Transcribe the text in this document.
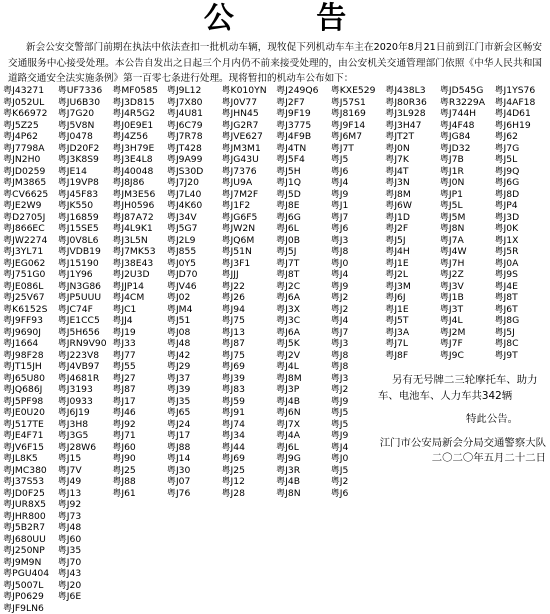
公 告
新会公安交警部门前期在执法中依法查扣一批机动车辆，现牧促下列机动车车主在2020年8月21日前到江门市新会区畅安交通服务中心接受处理。本公告自发出之日起三个月内仍不前来接受处理的，由公安机关交通管理部门依照《中华人民共和国道路交通安全法实施条例》第一百零七条进行处理。现将暂扣的机动车公布如下：
粤J43271
粤J052UL
粤K66972
粤J5Z25
粤J4P62
粤J7798A
粤JN2H0
粤JD0259
粤JM3865
粤CV6625
粤JE2W9
粤D2705J
粤J866EC
粤JW2274
粤J3YL71
粤JEG062
粤J751G0
粤JE086L
粤J25V67
粤K6152S
粤J9FF93
粤J9690J
粤J1664
粤J98F28
粤JT15JH
粤J65U80
粤JQ686J
粤J5PF98
粤JE0U20
粤J517TE
粤JE4F71
粤JV6F15
粤JL8K5
粤JMC380
粤J37S53
粤JD0F25
粤JUR8X5
粤JHR800
粤J5B2R7
粤J680UU
粤J250NP
粤J9M9N
粤PGU404
粤J5007L
粤JP0629
粤JF9LN6
粤UF7336
粤JU6B30
粤J7G20
粤J5V8N
粤J0478
粤JD20F2
粤J3K8S9
粤JE14
粤J19VP8
粤J45F83
粤JK550
粤J16859
粤J15SE5
粤J0V8L6
粤JVDB19
粤J15190
粤J1Y96
粤JN3G86
粤JP5UUU
粤JC74F
粤JE1CC5
粤J5H656
粤JRN9V90
粤J223V8
粤J4VB97
粤J4681R
粤J3193
粤J0933
粤J6J19
粤J3H8
粤J3G5
粤J28W6
粤J15
粤J7V
粤J49
粤J13
粤J92
粤J73
粤J48
粤J60
粤J35
粤J70
粤J43
粤J20
粤J6E
粤MF0585
粤J3D815
粤J4R5G2
粤J0E9E1
粤J4Z56
粤J3H79E
粤J3E4L8
粤J40048
粤J8J86
粤JM3E56
粤JH0596
粤J87A72
粤J4L9K1
粤J3L5N
粤J7MK53
粤J38E43
粤J2U3D
粤JJP14
粤J4CM
粤JC1
粤JJ4
粤J19
粤J33
粤J77
粤J55
粤J27
粤J87
粤J17
粤J46
粤J92
粤J71
粤J60
粤J90
粤J25
粤J88
粤J61
粤J9L12
粤J7X80
粤J4U81
粤J6C79
粤J7R78
粤JT428
粤J9A99
粤JS30D
粤J7J20
粤J7L40
粤J4K60
粤J34V
粤J5G7
粤J2L9
粤J855
粤J0Y5
粤JD70
粤JV46
粤J02
粤JM4
粤J51
粤J08
粤J48
粤J42
粤J29
粤J37
粤J39
粤J35
粤J65
粤J24
粤J17
粤J88
粤J14
粤J30
粤J07
粤J76
粤K010YN
粤J0V77
粤JHN45
粤JG2R7
粤JVE627
粤JM3M1
粤JG43U
粤J7376
粤JU9A
粤J7M2F
粤J1F2
粤JG6F5
粤JW2N
粤JQ6M
粤J51N
粤J3F1
粤JJJ
粤J22
粤J26
粤J94
粤J75
粤J13
粤J87
粤J75
粤J69
粤J39
粤J83
粤J59
粤J91
粤J74
粤J34
粤J44
粤J69
粤J25
粤J12
粤J28
粤J249Q6
粤J2F7
粤J9F19
粤J3775
粤J4F9B
粤J4TN
粤J5F4
粤J5H
粤J1Q
粤J5D
粤J8E
粤J6G
粤J6L
粤J0B
粤J5J
粤J7T
粤J8T
粤J2C
粤J6A
粤J3X
粤J3C
粤J6A
粤J5K
粤J2V
粤J4L
粤J8M
粤J3P
粤J4B
粤J6N
粤J7X
粤J4A
粤J6L
粤J9G
粤J3R
粤J4B
粤J8N
粤KXE529
粤J57S1
粤J8169
粤J9F14
粤J6M7
粤J7T
粤J5
粤J6
粤J4
粤J9
粤J1
粤J7
粤J6
粤J3
粤J8
粤J0
粤J4
粤J9
粤J2
粤J2
粤J4
粤J7
粤J3
粤J8
粤J8
粤J3
粤J2
粤J9
粤J5
粤J5
粤J9
粤J4
粤J0
粤J5
粤J2
粤J6
粤J438L3
粤J80R36
粤J3L928
粤J3H47
粤JT2T
粤J0N
粤J7K
粤J4T
粤J3N
粤J8M
粤J6W
粤J1D
粤J2F
粤J5J
粤J4H
粤J1E
粤J2L
粤J3M
粤J6J
粤J1E
粤J5T
粤J3A
粤J7L
粤J8F
粤JD545G
粤R3229A
粤J744H
粤J4F48
粤JG84
粤JD32
粤J7B
粤J1R
粤J0N
粤JP1
粤J5L
粤J5M
粤J8N
粤J7A
粤J4W
粤J7H
粤J2Z
粤J3V
粤J1B
粤J3T
粤J4L
粤J2M
粤J7F
粤J9C
粤J1YS76
粤J4AF18
粤J4D61
粤J6H19
粤J62
粤J7G
粤J5L
粤J9Q
粤J6G
粤J8D
粤JP4
粤J3D
粤J0K
粤J1X
粤J5R
粤J0A
粤J9S
粤J4E
粤J8T
粤J6T
粤J8G
粤J5J
粤J8C
粤J9T
另有无号牌二三轮摩托车、助力车、电池车、人力车共342辆
特此公告。
江门市公安局新会分局交通警察大队
二〇二〇年五月二十二日
